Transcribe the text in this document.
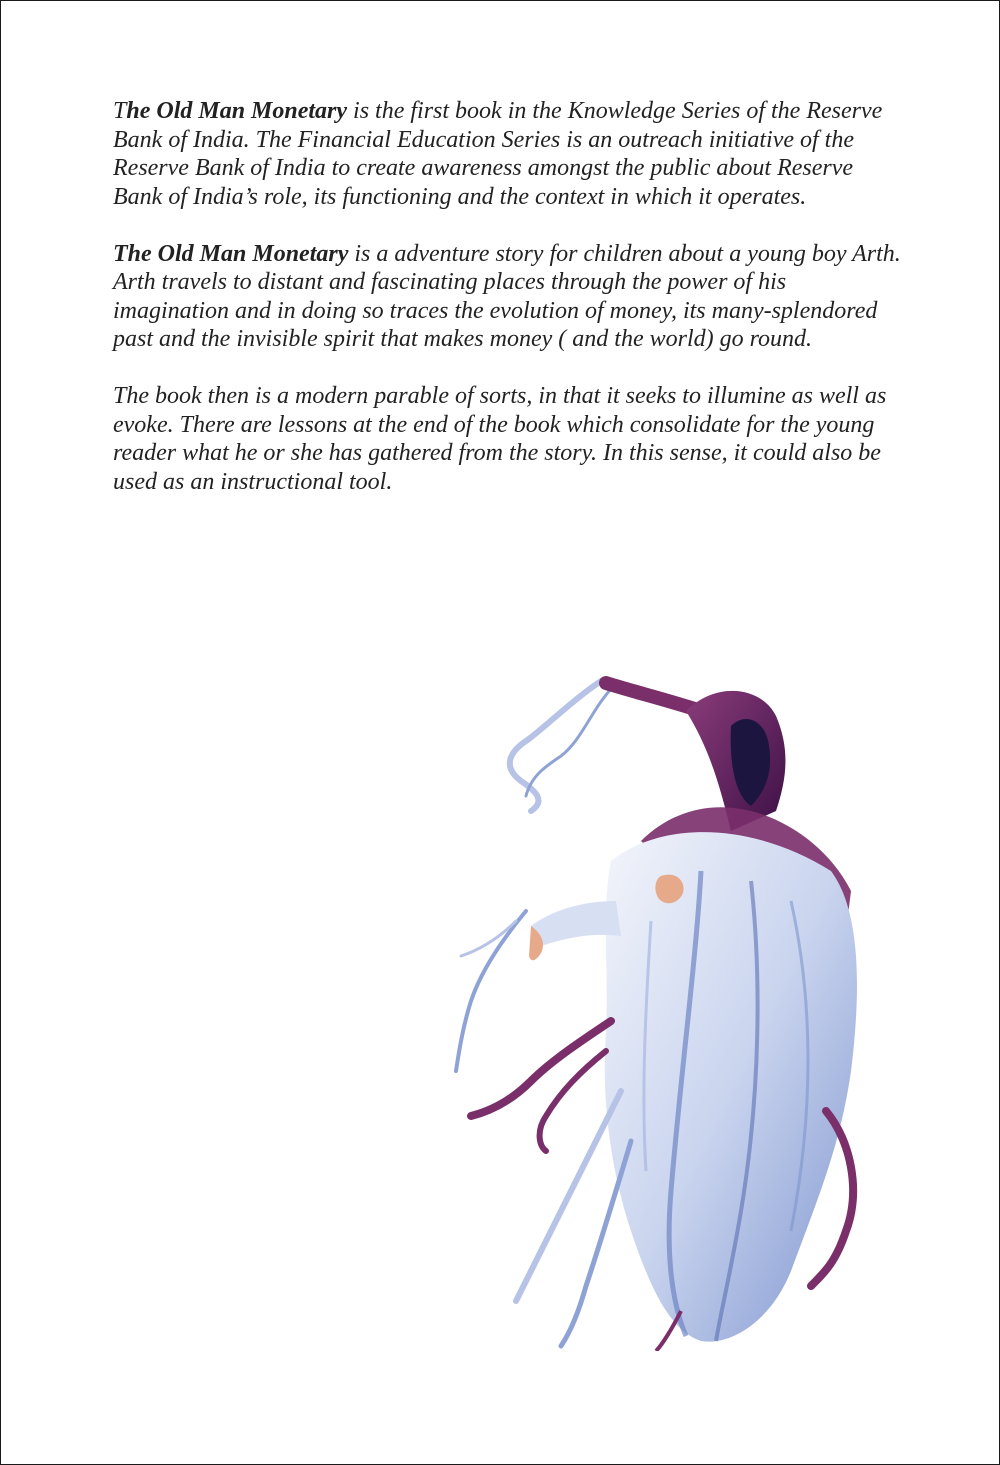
The Old Man Monetary is the first book in the Knowledge Series of the Reserve Bank of India. The Financial Education Series is an outreach initiative of the Reserve Bank of India to create awareness amongst the public about Reserve Bank of India’s role, its functioning and the context in which it operates.

The Old Man Monetary is a adventure story for children about a young boy Arth. Arth travels to distant and fascinating places through the power of his imagination and in doing so traces the evolution of money, its many-splendored past and the invisible spirit that makes money ( and the world) go round.

The book then is a modern parable of sorts, in that it seeks to illumine as well as evoke. There are lessons at the end of the book which consolidate for the young reader what he or she has gathered from the story. In this sense, it could also be used as an instructional tool.
